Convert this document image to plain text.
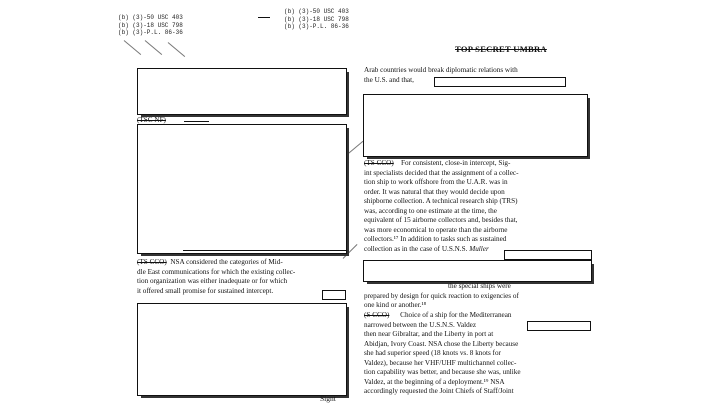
(b) (3)-50 USC 403
(b) (3)-18 USC 798
(b) (3)-P.L. 86-36
(b) (3)-50 USC 403
(b) (3)-18 USC 798
(b) (3)-P.L. 86-36
TOP SECRET UMBRA
(TSC NF)
(TS CCO) NSA considered the categories of Mid-
dle East communications for which the existing collec-
tion organization was either inadequate or for which
it offered small promise for sustained intercept.
Signt
Arab countries would break diplomatic relations with
the U.S. and that,
(TS CCO) For consistent, close-in intercept, Sig-
int specialists decided that the assignment of a collec-
tion ship to work offshore from the U.A.R. was in
order. It was natural that they would decide upon
shipborne collection. A technical research ship (TRS)
was, according to one estimate at the time, the
equivalent of 15 airborne collectors and, besides that,
was more economical to operate than the airborne
collectors.¹⁷ In addition to tasks such as sustained
collection as in the case of U.S.N.S. Muller
the special ships were
prepared by design for quick reaction to exigencies of
one kind or another.¹⁸
(S CCO) Choice of a ship for the Mediterranean
narrowed between the U.S.N.S. Valdez
then near Gibraltar, and the Liberty in port at
Abidjan, Ivory Coast. NSA chose the Liberty because
she had superior speed (18 knots vs. 8 knots for
Valdez), because her VHF/UHF multichannel collec-
tion capability was better, and because she was, unlike
Valdez, at the beginning of a deployment.¹⁹ NSA
accordingly requested the Joint Chiefs of Staff/Joint
